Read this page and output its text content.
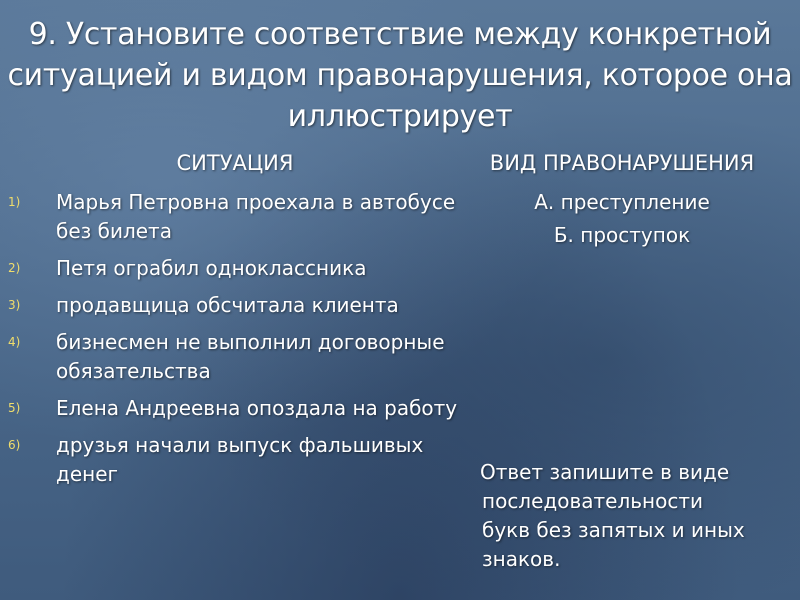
9. Установите соответствие между конкретной ситуацией и видом правонарушения, которое она иллюстрирует
СИТУАЦИЯ	ВИД ПРАВОНАРУШЕНИЯ
1) Марья Петровна проехала в автобусе без билета
2) Петя ограбил одноклассника
3) продавщица обсчитала клиента
4) бизнесмен не выполнил договорные обязательства
5) Елена Андреевна опоздала на работу
6) друзья начали выпуск фальшивых денег
А. преступление
Б. проступок
Ответ запишите в виде
последовательности
букв без запятых и иных
знаков.
